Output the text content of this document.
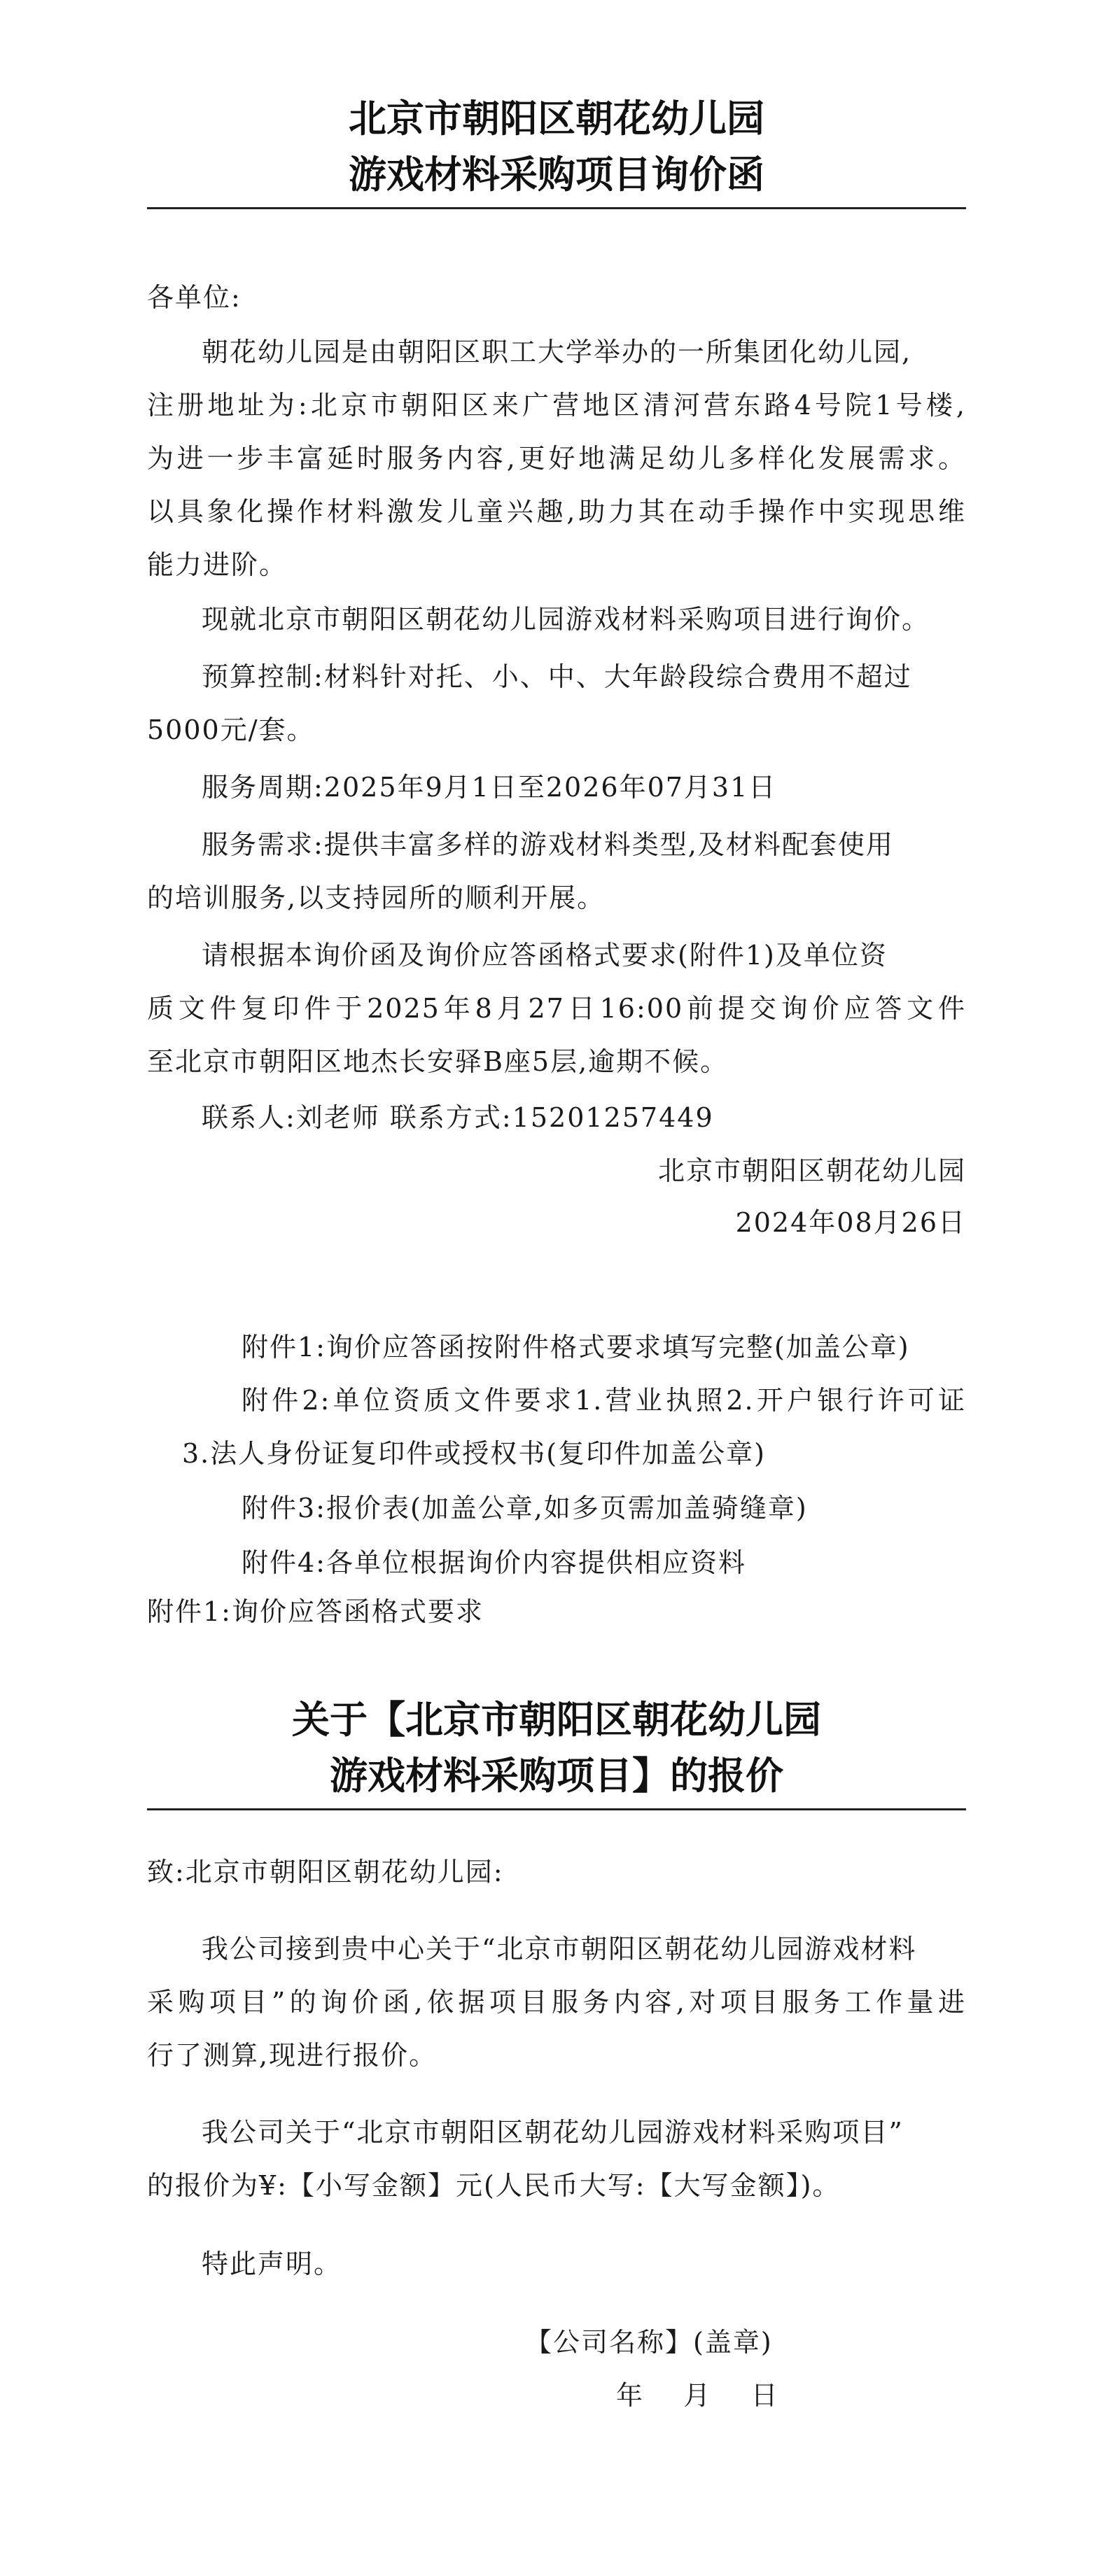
北京市朝阳区朝花幼儿园
游戏材料采购项目询价函
各单位:
朝花幼儿园是由朝阳区职工大学举办的一所集团化幼儿园,
注册地址为:北京市朝阳区来广营地区清河营东路4号院1号楼,
为进一步丰富延时服务内容,更好地满足幼儿多样化发展需求。
以具象化操作材料激发儿童兴趣,助力其在动手操作中实现思维
能力进阶。
现就北京市朝阳区朝花幼儿园游戏材料采购项目进行询价。
预算控制:材料针对托、小、中、大年龄段综合费用不超过
5000元/套。
服务周期:2025年9月1日至2026年07月31日
服务需求:提供丰富多样的游戏材料类型,及材料配套使用
的培训服务,以支持园所的顺利开展。
请根据本询价函及询价应答函格式要求(附件1)及单位资
质文件复印件于2025年8月27日16:00前提交询价应答文件
至北京市朝阳区地杰长安驿B座5层,逾期不候。
联系人:刘老师 联系方式:15201257449
北京市朝阳区朝花幼儿园
2024年08月26日
附件1:询价应答函按附件格式要求填写完整(加盖公章)
附件2:单位资质文件要求1.营业执照2.开户银行许可证
3.法人身份证复印件或授权书(复印件加盖公章)
附件3:报价表(加盖公章,如多页需加盖骑缝章)
附件4:各单位根据询价内容提供相应资料
附件1:询价应答函格式要求
关于【北京市朝阳区朝花幼儿园
游戏材料采购项目】的报价
致:北京市朝阳区朝花幼儿园:
我公司接到贵中心关于“北京市朝阳区朝花幼儿园游戏材料
采购项目”的询价函,依据项目服务内容,对项目服务工作量进
行了测算,现进行报价。
我公司关于“北京市朝阳区朝花幼儿园游戏材料采购项目”
的报价为¥:【小写金额】元(人民币大写:【大写金额】)。
特此声明。
【公司名称】(盖章)
年    月    日
